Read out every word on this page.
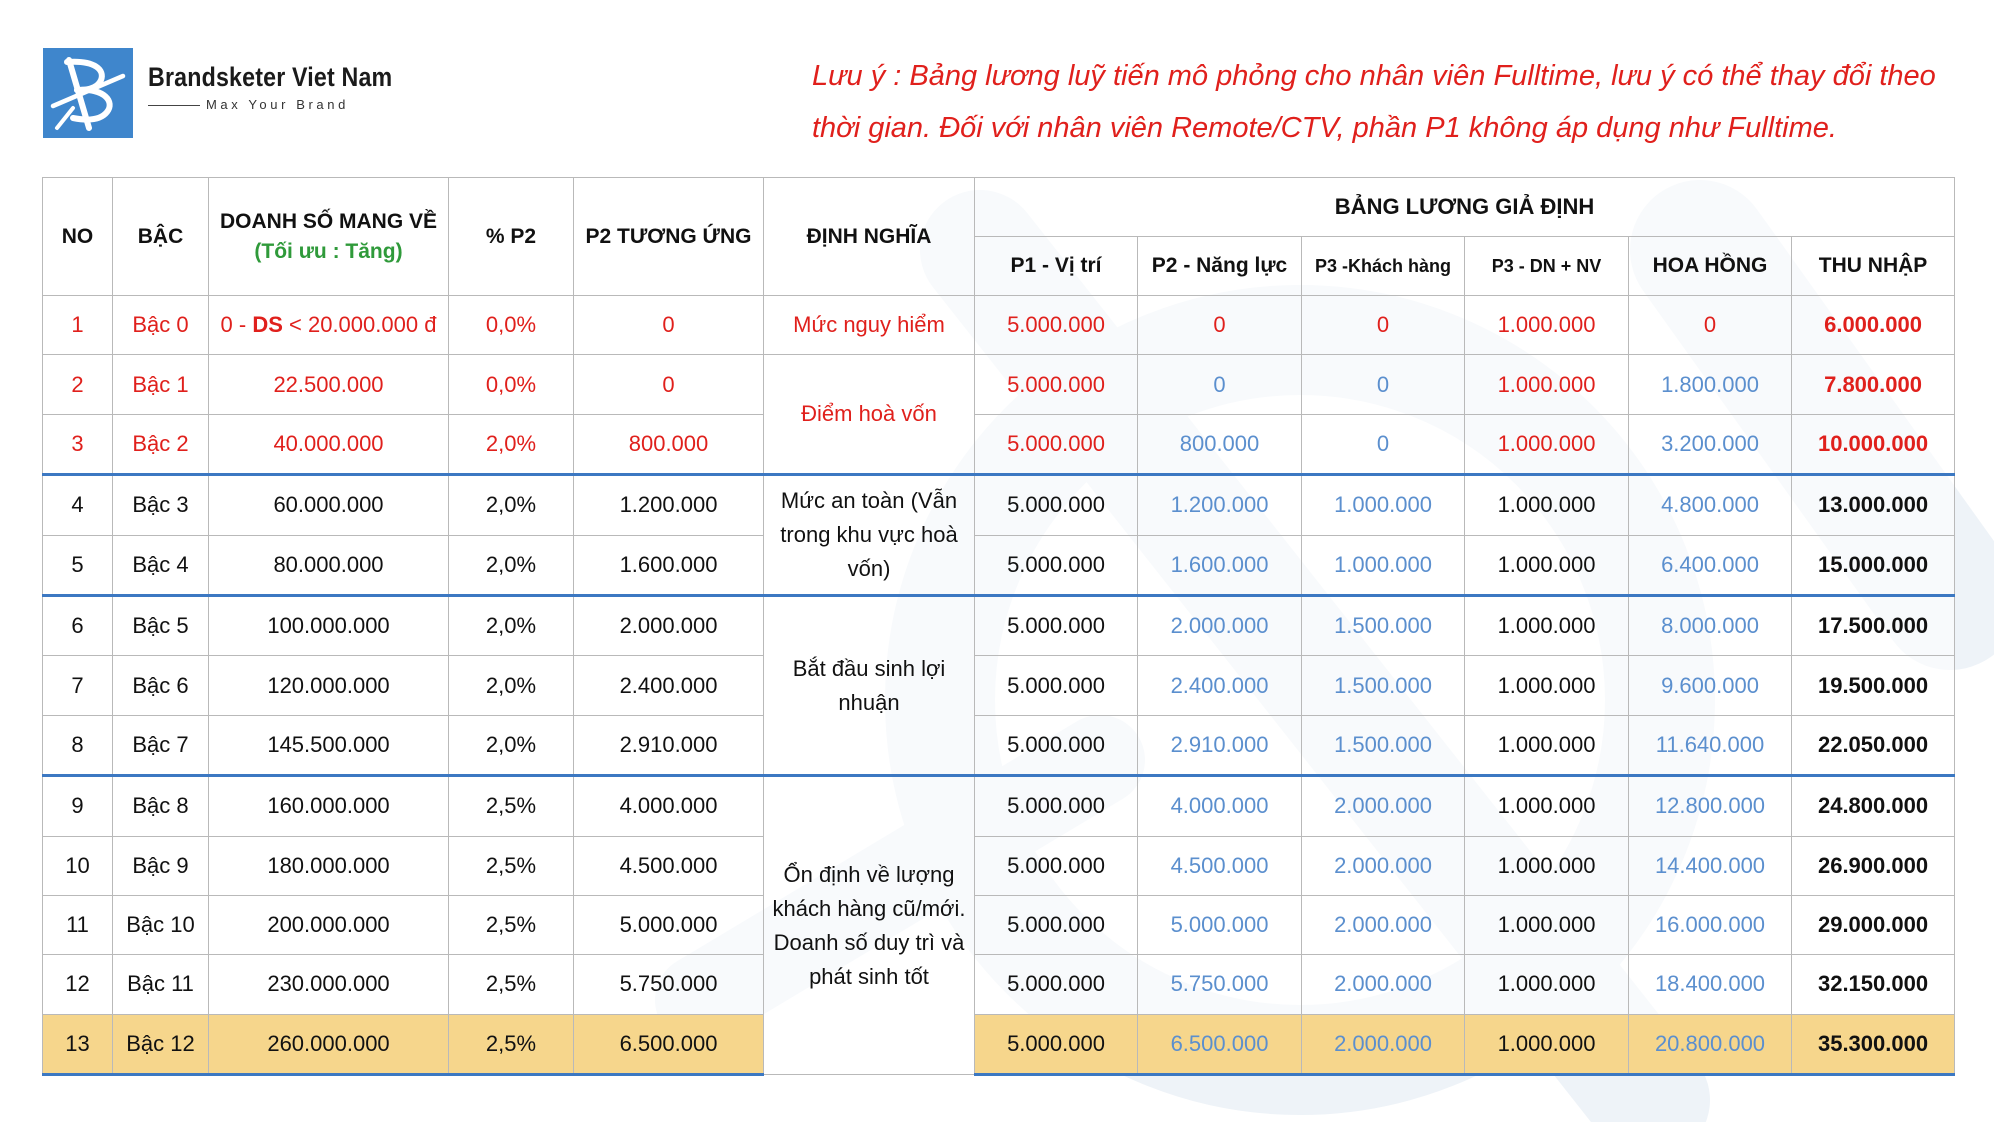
Brandsketer Viet Nam
Max Your Brand
Lưu ý : Bảng lương luỹ tiến mô phỏng cho nhân viên Fulltime, lưu ý có thể thay đổi theo thời gian. Đối với nhân viên Remote/CTV, phần P1 không áp dụng như Fulltime.
NO	BẬC	DOANH SỐ MANG VỀ
(Tối ưu : Tăng)	% P2	P2 TƯƠNG ỨNG	ĐỊNH NGHĨA	BẢNG LƯƠNG GIẢ ĐỊNH					
						P1 - Vị trí	P2 - Năng lực	P3 -Khách hàng	P3 - DN + NV	HOA HỒNG	THU NHẬP
1	Bậc 0	0 - DS < 20.000.000 đ	0,0%	0	Mức nguy hiểm	5.000.000	0	0	1.000.000	0	6.000.000
2	Bậc 1	22.500.000	0,0%	0	Điểm hoà vốn	5.000.000	0	0	1.000.000	1.800.000	7.800.000
3	Bậc 2	40.000.000	2,0%	800.000		5.000.000	800.000	0	1.000.000	3.200.000	10.000.000
4	Bậc 3	60.000.000	2,0%	1.200.000	Mức an toàn (Vẫn trong khu vực hoà vốn)	5.000.000	1.200.000	1.000.000	1.000.000	4.800.000	13.000.000
5	Bậc 4	80.000.000	2,0%	1.600.000		5.000.000	1.600.000	1.000.000	1.000.000	6.400.000	15.000.000
6	Bậc 5	100.000.000	2,0%	2.000.000	Bắt đầu sinh lợi nhuận	5.000.000	2.000.000	1.500.000	1.000.000	8.000.000	17.500.000
7	Bậc 6	120.000.000	2,0%	2.400.000		5.000.000	2.400.000	1.500.000	1.000.000	9.600.000	19.500.000
8	Bậc 7	145.500.000	2,0%	2.910.000		5.000.000	2.910.000	1.500.000	1.000.000	11.640.000	22.050.000
9	Bậc 8	160.000.000	2,5%	4.000.000	Ổn định về lượng khách hàng cũ/mới. Doanh số duy trì và phát sinh tốt	5.000.000	4.000.000	2.000.000	1.000.000	12.800.000	24.800.000
10	Bậc 9	180.000.000	2,5%	4.500.000		5.000.000	4.500.000	2.000.000	1.000.000	14.400.000	26.900.000
11	Bậc 10	200.000.000	2,5%	5.000.000		5.000.000	5.000.000	2.000.000	1.000.000	16.000.000	29.000.000
12	Bậc 11	230.000.000	2,5%	5.750.000		5.000.000	5.750.000	2.000.000	1.000.000	18.400.000	32.150.000
13	Bậc 12	260.000.000	2,5%	6.500.000		5.000.000	6.500.000	2.000.000	1.000.000	20.800.000	35.300.000
